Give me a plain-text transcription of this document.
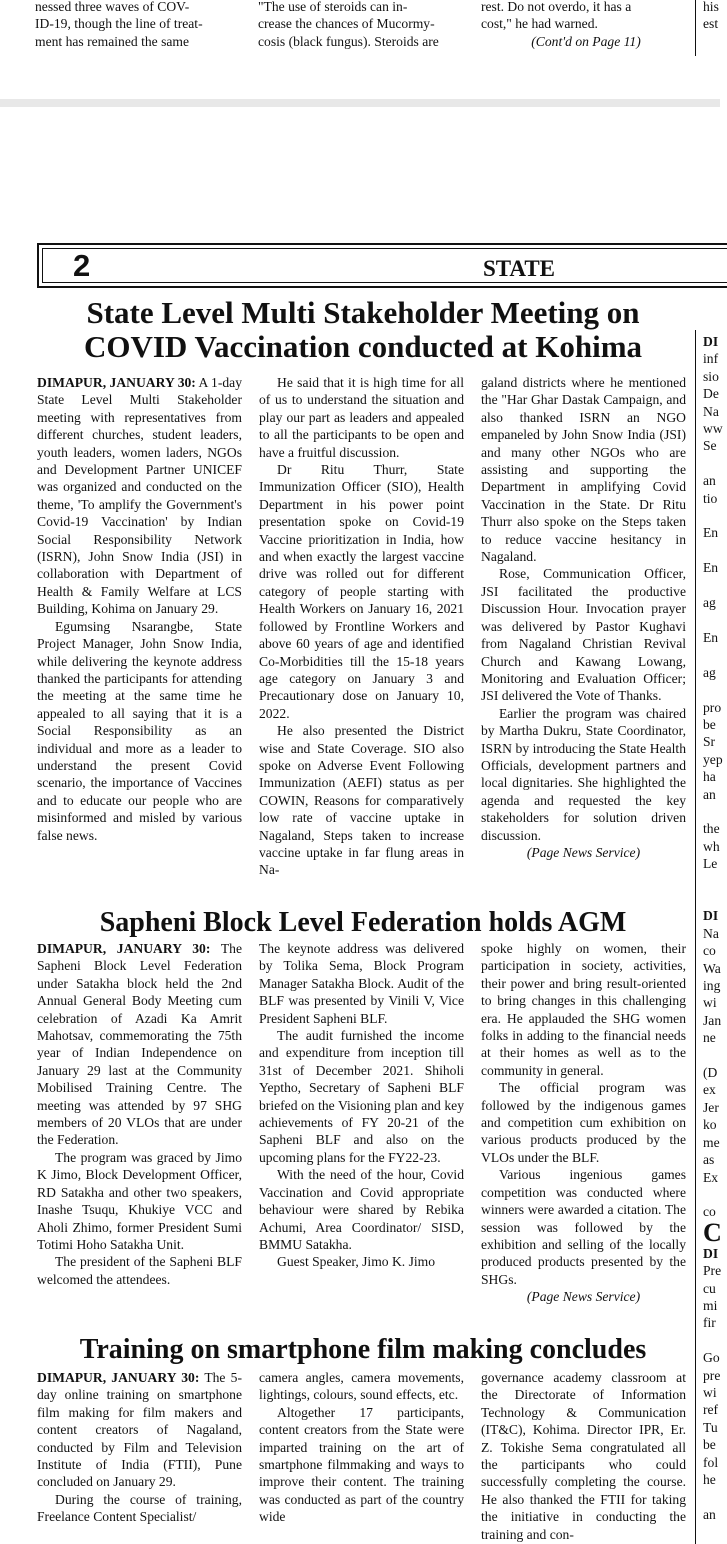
nessed three waves of COV-
ID-19, though the line of treat-
ment has remained the same
"The use of steroids can in-
crease the chances of Mucormy-
cosis (black fungus). Steroids are
rest. Do not overdo, it has a
cost," he had warned.
(Cont'd on Page 11)
his
est
2	STATE
State Level Multi Stakeholder Meeting on
COVID Vaccination conducted at Kohima

DIMAPUR, JANUARY 30: A 1-day State Level Multi Stakeholder meeting with representatives from different churches, student leaders, youth leaders, women laders, NGOs and Development Partner UNICEF was organized and conducted on the theme, 'To amplify the Government's Covid-19 Vaccination' by Indian Social Responsibility Network (ISRN), John Snow India (JSI) in collaboration with Department of Health & Family Welfare at LCS Building, Kohima on January 29.

Egumsing Nsarangbe, State Project Manager, John Snow India, while delivering the keynote address thanked the participants for attending the meeting at the same time he appealed to all saying that it is a Social Responsibility as an individual and more as a leader to understand the present Covid scenario, the importance of Vaccines and to educate our people who are misinformed and misled by various false news.

He said that it is high time for all of us to understand the situation and play our part as leaders and appealed to all the participants to be open and have a fruitful discussion.

Dr Ritu Thurr, State Immunization Officer (SIO), Health Department in his power point presentation spoke on Covid-19 Vaccine prioritization in India, how and when exactly the largest vaccine drive was rolled out for different category of people starting with Health Workers on January 16, 2021 followed by Frontline Workers and above 60 years of age and identified Co-Morbidities till the 15-18 years age category on January 3 and Precautionary dose on January 10, 2022.

He also presented the District wise and State Coverage. SIO also spoke on Adverse Event Following Immunization (AEFI) status as per COWIN, Reasons for comparatively low rate of vaccine uptake in Nagaland, Steps taken to increase vaccine uptake in far flung areas in Na-

galand districts where he mentioned the "Har Ghar Dastak Campaign, and also thanked ISRN an NGO empaneled by John Snow India (JSI) and many other NGOs who are assisting and supporting the Department in amplifying Covid Vaccination in the State. Dr Ritu Thurr also spoke on the Steps taken to reduce vaccine hesitancy in Nagaland.

Rose, Communication Officer, JSI facilitated the productive Discussion Hour. Invocation prayer was delivered by Pastor Kughavi from Nagaland Christian Revival Church and Kawang Lowang, Monitoring and Evaluation Officer; JSI delivered the Vote of Thanks.

Earlier the program was chaired by Martha Dukru, State Coordinator, ISRN by introducing the State Health Officials, development partners and local dignitaries. She highlighted the agenda and requested the key stakeholders for solution driven discussion.

(Page News Service)

Sapheni Block Level Federation holds AGM

DIMAPUR, JANUARY 30: The Sapheni Block Level Federation under Satakha block held the 2nd Annual General Body Meeting cum celebration of Azadi Ka Amrit Mahotsav, commemorating the 75th year of Indian Independence on January 29 last at the Community Mobilised Training Centre. The meeting was attended by 97 SHG members of 20 VLOs that are under the Federation.

The program was graced by Jimo K Jimo, Block Development Officer, RD Satakha and other two speakers, Inashe Tsuqu, Khukiye VCC and Aholi Zhimo, former President Sumi Totimi Hoho Satakha Unit.

The president of the Sapheni BLF welcomed the attendees.

The keynote address was delivered by Tolika Sema, Block Program Manager Satakha Block. Audit of the BLF was presented by Vinili V, Vice President Sapheni BLF.

The audit furnished the income and expenditure from inception till 31st of December 2021. Shiholi Yeptho, Secretary of Sapheni BLF briefed on the Visioning plan and key achievements of FY 20-21 of the Sapheni BLF and also on the upcoming plans for the FY22-23.

With the need of the hour, Covid Vaccination and Covid appropriate behaviour were shared by Rebika Achumi, Area Coordinator/ SISD, BMMU Satakha.

Guest Speaker, Jimo K. Jimo

spoke highly on women, their participation in society, activities, their power and bring result-oriented to bring changes in this challenging era. He applauded the SHG women folks in adding to the financial needs at their homes as well as to the community in general.

The official program was followed by the indigenous games and competition cum exhibition on various products produced by the VLOs under the BLF.

Various ingenious games competition was conducted where winners were awarded a citation. The session was followed by the exhibition and selling of the locally produced products presented by the SHGs.

(Page News Service)

Training on smartphone film making concludes

DIMAPUR, JANUARY 30: The 5-day online training on smartphone film making for film makers and content creators of Nagaland, conducted by Film and Television Institute of India (FTII), Pune concluded on January 29.

During the course of training, Freelance Content Specialist/

camera angles, camera movements, lightings, colours, sound effects, etc.

Altogether 17 participants, content creators from the State were imparted training on the art of smartphone filmmaking and ways to improve their content. The training was conducted as part of the country wide

governance academy classroom at the Directorate of Information Technology & Communication (IT&C), Kohima. Director IPR, Er. Z. Tokishe Sema congratulated all the participants who could successfully completing the course. He also thanked the FTII for taking the initiative in conducting the training and con-

DI
inf
sio
De
Na
ww
Se

an
tio

En

En

ag

En

ag

pro
be
Sr
yep
ha
an

the
wh
Le

DI
Na
co
Wa
ing
wi
Jan
ne

(D
ex
Jer
ko
me
as
Ex

co
C
DI
Pre
cu
mi
fir

Go
pre
wi
ref
Tu
be
fol
he

an
